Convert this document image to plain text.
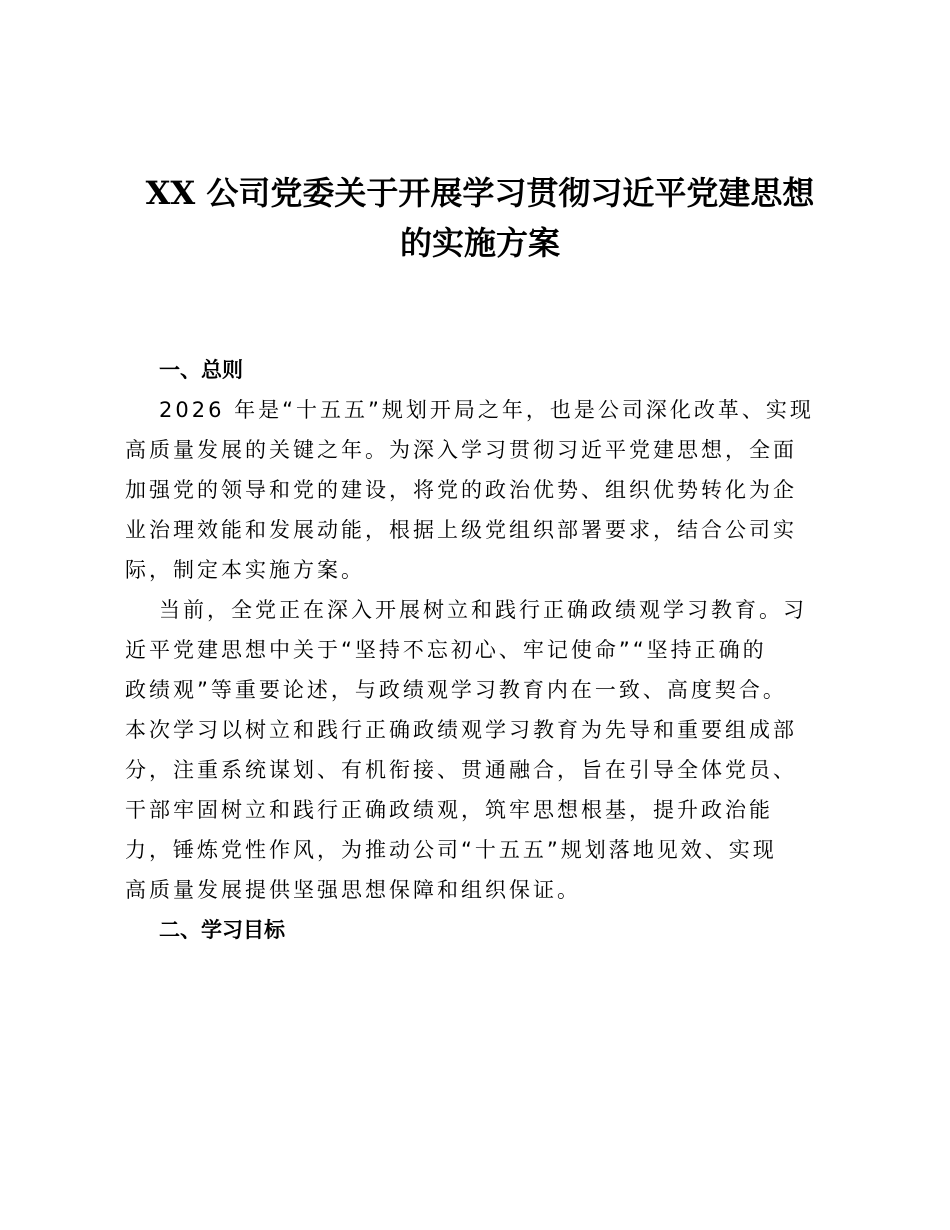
XX 公司党委关于开展学习贯彻习近平党建思想
的实施方案
一、总则

2026 年是“十五五”规划开局之年，也是公司深化改革、实现
高质量发展的关键之年。为深入学习贯彻习近平党建思想，全面
加强党的领导和党的建设，将党的政治优势、组织优势转化为企
业治理效能和发展动能，根据上级党组织部署要求，结合公司实
际，制定本实施方案。

当前，全党正在深入开展树立和践行正确政绩观学习教育。习
近平党建思想中关于“坚持不忘初心、牢记使命”“坚持正确的
政绩观”等重要论述，与政绩观学习教育内在一致、高度契合。
本次学习以树立和践行正确政绩观学习教育为先导和重要组成部
分，注重系统谋划、有机衔接、贯通融合，旨在引导全体党员、
干部牢固树立和践行正确政绩观，筑牢思想根基，提升政治能
力，锤炼党性作风，为推动公司“十五五”规划落地见效、实现
高质量发展提供坚强思想保障和组织保证。

二、学习目标
